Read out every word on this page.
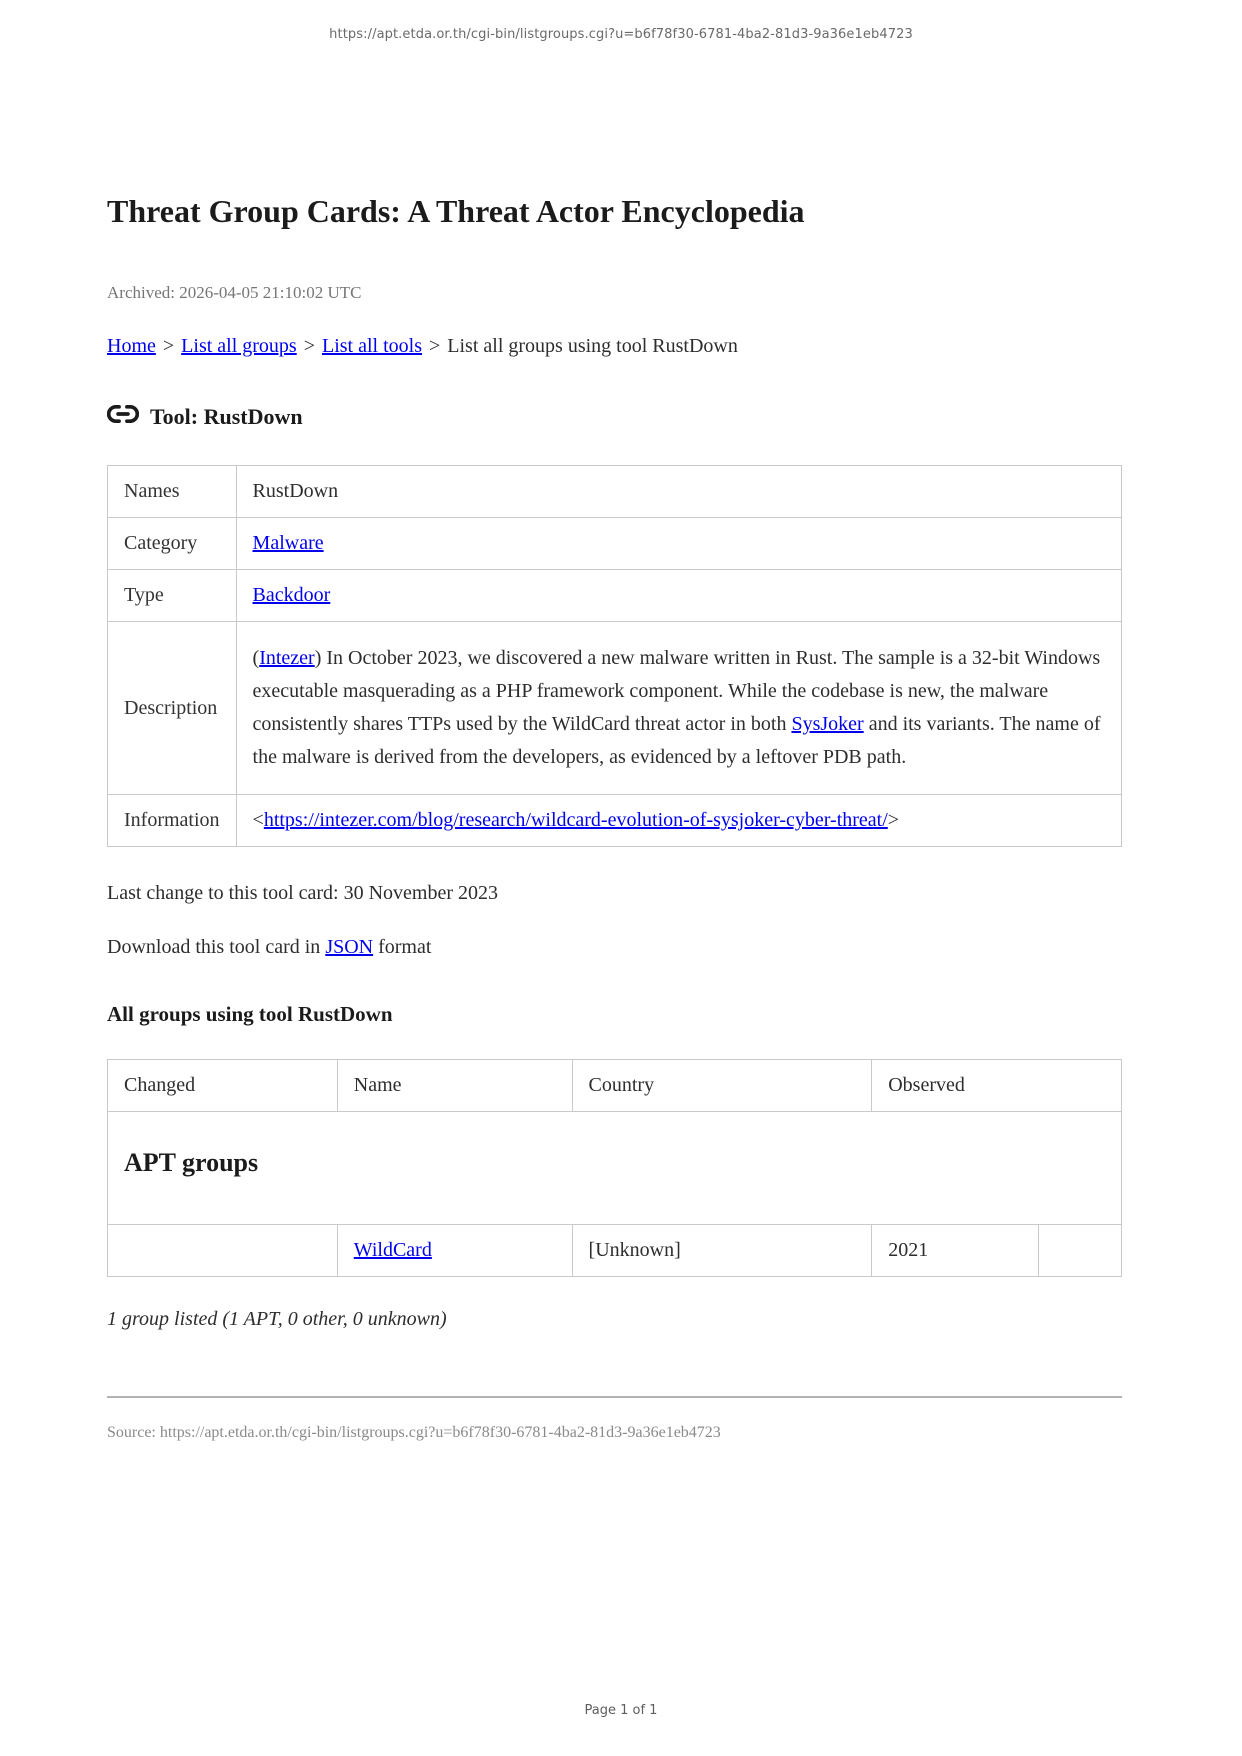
https://apt.etda.or.th/cgi-bin/listgroups.cgi?u=b6f78f30-6781-4ba2-81d3-9a36e1eb4723
Threat Group Cards: A Threat Actor Encyclopedia
Archived: 2026-04-05 21:10:02 UTC
Home > List all groups > List all tools > List all groups using tool RustDown
Tool: RustDown
Names	RustDown
Category	Malware
Type	Backdoor
Description	(Intezer) In October 2023, we discovered a new malware written in Rust. The sample is a 32-bit Windows executable masquerading as a PHP framework component. While the codebase is new, the malware consistently shares TTPs used by the WildCard threat actor in both SysJoker and its variants. The name of the malware is derived from the developers, as evidenced by a leftover PDB path.
Information	<https://intezer.com/blog/research/wildcard-evolution-of-sysjoker-cyber-threat/>

Last change to this tool card: 30 November 2023

Download this tool card in JSON format

All groups using tool RustDown
Changed	Name	Country	Observed	
APT groups				
	WildCard	[Unknown]	2021	

1 group listed (1 APT, 0 other, 0 unknown)

Source: https://apt.etda.or.th/cgi-bin/listgroups.cgi?u=b6f78f30-6781-4ba2-81d3-9a36e1eb4723
Page 1 of 1
